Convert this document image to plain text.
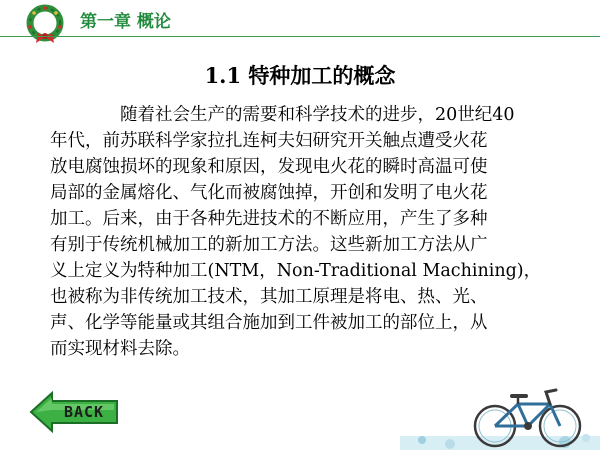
第一章 概论
1.1 特种加工的概念

随着社会生产的需要和科学技术的进步，20世纪40
年代，前苏联科学家拉扎连柯夫妇研究开关触点遭受火花
放电腐蚀损坏的现象和原因，发现电火花的瞬时高温可使
局部的金属熔化、气化而被腐蚀掉，开创和发明了电火花
加工。后来，由于各种先进技术的不断应用，产生了多种
有别于传统机械加工的新加工方法。这些新加工方法从广
义上定义为特种加工(NTM，Non-Traditional Machining)，
也被称为非传统加工技术，其加工原理是将电、热、光、
声、化学等能量或其组合施加到工件被加工的部位上，从
而实现材料去除。

BACK
